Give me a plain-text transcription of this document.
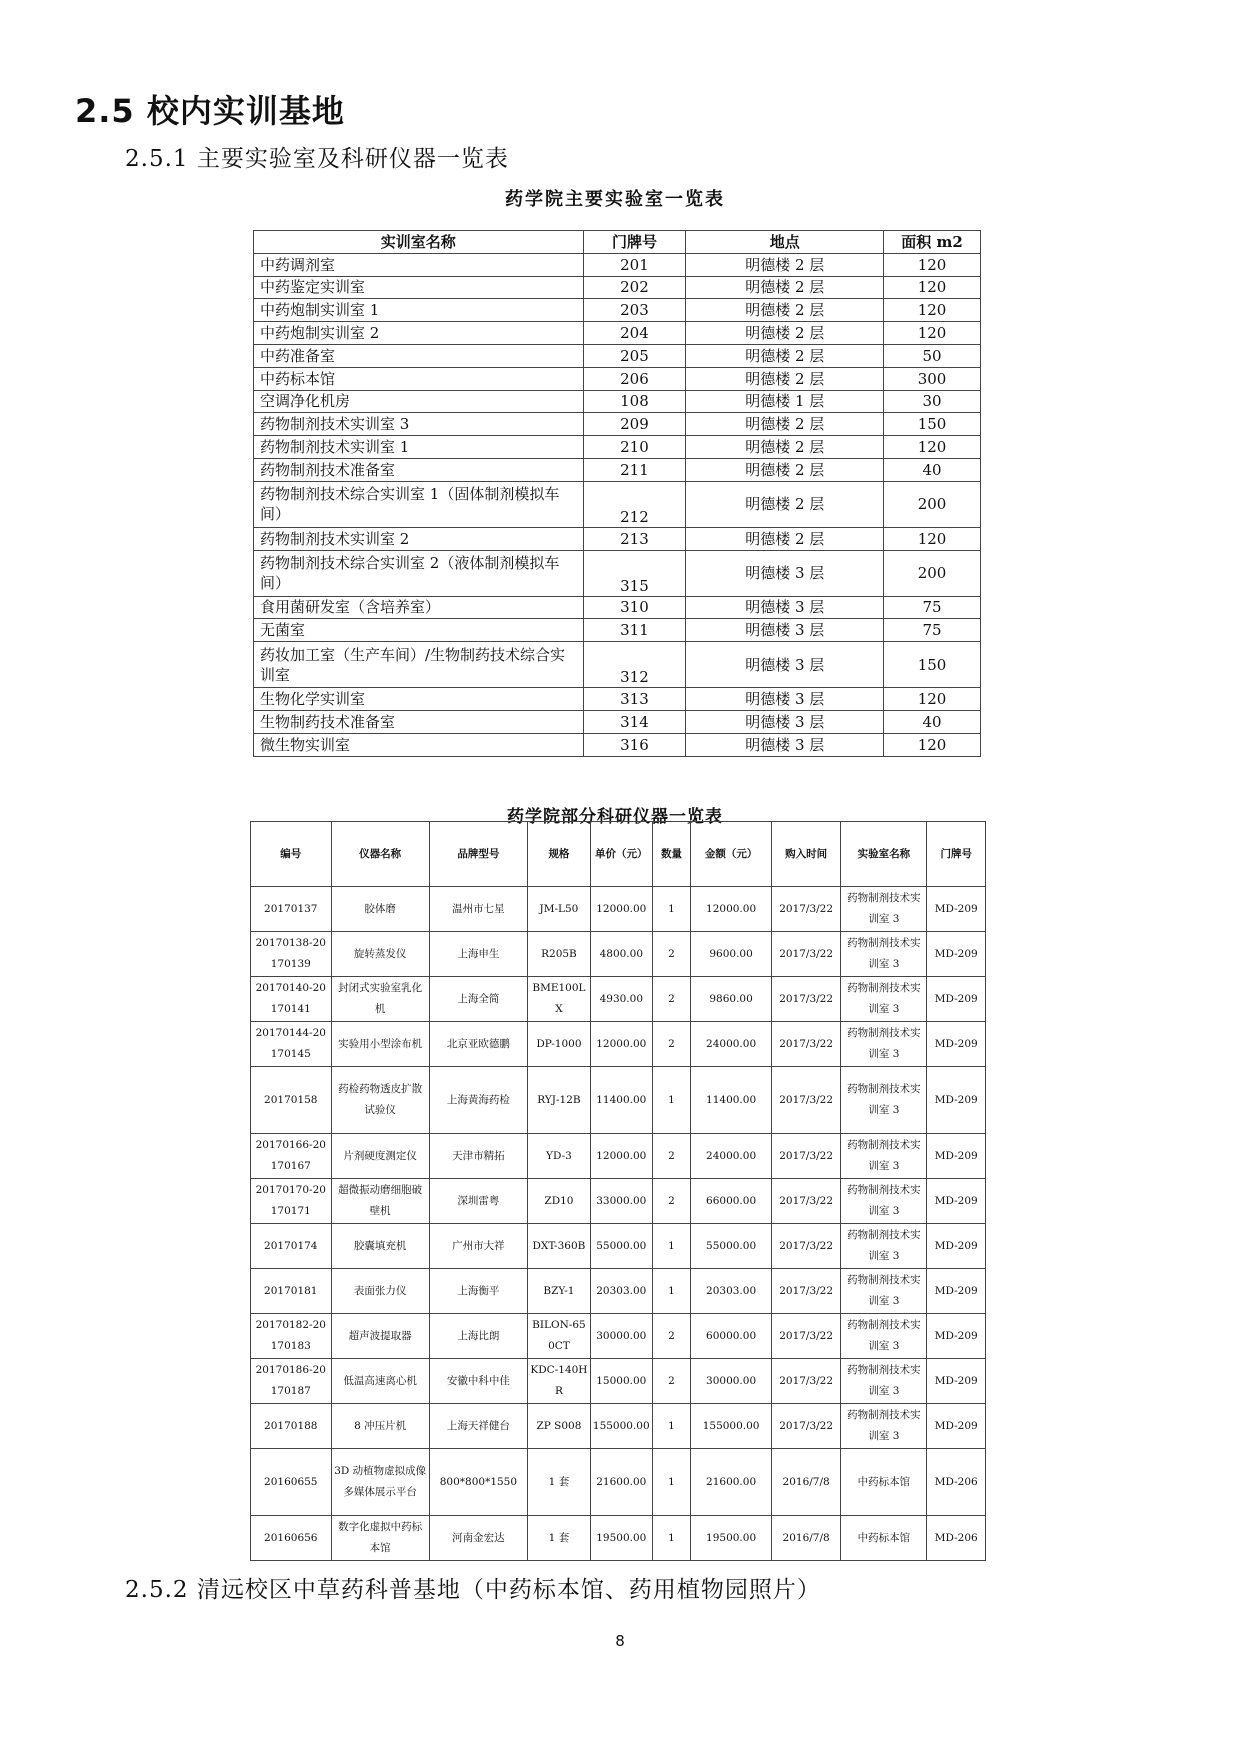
2.5 校内实训基地
2.5.1 主要实验室及科研仪器一览表
药学院主要实验室一览表
实训室名称	门牌号	地点	面积 m2
中药调剂室	201	明德楼 2 层	120
中药鉴定实训室	202	明德楼 2 层	120
中药炮制实训室 1	203	明德楼 2 层	120
中药炮制实训室 2	204	明德楼 2 层	120
中药准备室	205	明德楼 2 层	50
中药标本馆	206	明德楼 2 层	300
空调净化机房	108	明德楼 1 层	30
药物制剂技术实训室 3	209	明德楼 2 层	150
药物制剂技术实训室 1	210	明德楼 2 层	120
药物制剂技术准备室	211	明德楼 2 层	40
药物制剂技术综合实训室 1（固体制剂模拟车间）	212	明德楼 2 层	200
药物制剂技术实训室 2	213	明德楼 2 层	120
药物制剂技术综合实训室 2（液体制剂模拟车间）	315	明德楼 3 层	200
食用菌研发室（含培养室）	310	明德楼 3 层	75
无菌室	311	明德楼 3 层	75
药妆加工室（生产车间）/生物制药技术综合实训室	312	明德楼 3 层	150
生物化学实训室	313	明德楼 3 层	120
生物制药技术准备室	314	明德楼 3 层	40
微生物实训室	316	明德楼 3 层	120
药学院部分科研仪器一览表
编号	仪器名称	品牌型号	规格	单价（元）	数量	金额（元）	购入时间	实验室名称	门牌号
20170137	胶体磨	温州市七星	JM-L50	12000.00	1	12000.00	2017/3/22	药物制剂技术实训室 3	MD-209
20170138-20170139	旋转蒸发仪	上海申生	R205B	4800.00	2	9600.00	2017/3/22	药物制剂技术实训室 3	MD-209
20170140-20170141	封闭式实验室乳化机	上海全简	BME100LX	4930.00	2	9860.00	2017/3/22	药物制剂技术实训室 3	MD-209
20170144-20170145	实验用小型涂布机	北京亚欧德鹏	DP-1000	12000.00	2	24000.00	2017/3/22	药物制剂技术实训室 3	MD-209
20170158	药检药物透皮扩散试验仪	上海黄海药检	RYJ-12B	11400.00	1	11400.00	2017/3/22	药物制剂技术实训室 3	MD-209
20170166-20170167	片剂硬度测定仪	天津市精拓	YD-3	12000.00	2	24000.00	2017/3/22	药物制剂技术实训室 3	MD-209
20170170-20170171	超微振动磨细胞破壁机	深圳雷粤	ZD10	33000.00	2	66000.00	2017/3/22	药物制剂技术实训室 3	MD-209
20170174	胶囊填充机	广州市大祥	DXT-360B	55000.00	1	55000.00	2017/3/22	药物制剂技术实训室 3	MD-209
20170181	表面张力仪	上海衡平	BZY-1	20303.00	1	20303.00	2017/3/22	药物制剂技术实训室 3	MD-209
20170182-20170183	超声波提取器	上海比朗	BILON-650CT	30000.00	2	60000.00	2017/3/22	药物制剂技术实训室 3	MD-209
20170186-20170187	低温高速离心机	安徽中科中佳	KDC-140HR	15000.00	2	30000.00	2017/3/22	药物制剂技术实训室 3	MD-209
20170188	8 冲压片机	上海天祥健台	ZP S008	155000.00	1	155000.00	2017/3/22	药物制剂技术实训室 3	MD-209
20160655	3D 动植物虚拟成像多媒体展示平台	800*800*1550	1 套	21600.00	1	21600.00	2016/7/8	中药标本馆	MD-206
20160656	数字化虚拟中药标本馆	河南金宏达	1 套	19500.00	1	19500.00	2016/7/8	中药标本馆	MD-206
2.5.2 清远校区中草药科普基地（中药标本馆、药用植物园照片）
8
